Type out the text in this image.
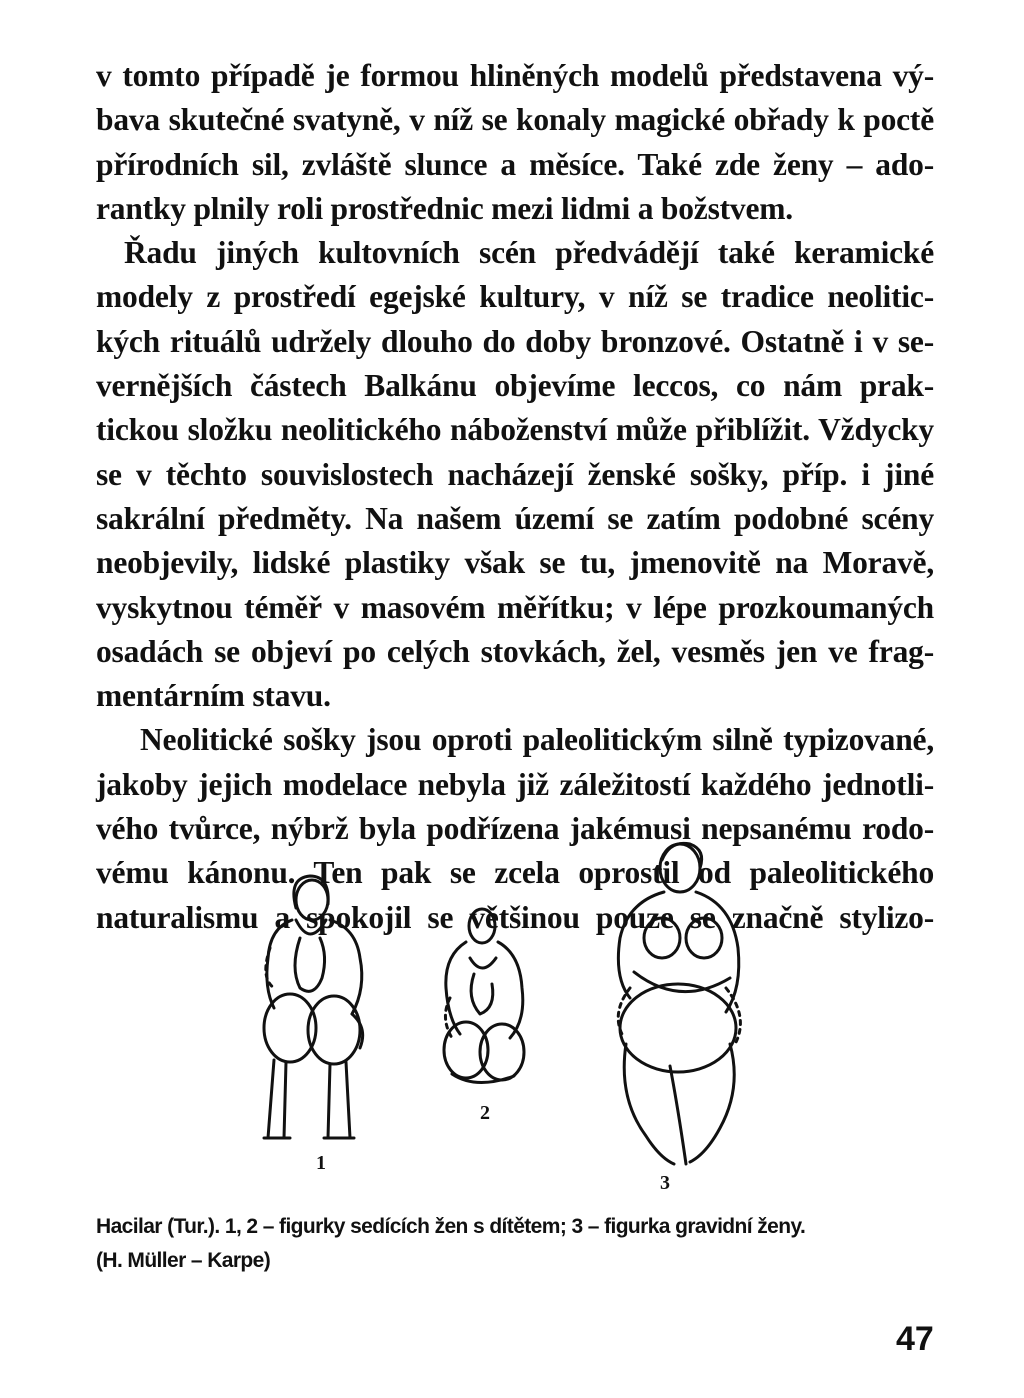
v tomto případě je formou hliněných modelů představena vý-
bava skutečné svatyně, v níž se konaly magické obřady k poctě
přírodních sil, zvláště slunce a měsíce. Také zde ženy – ado-
rantky plnily roli prostřednic mezi lidmi a božstvem.
Řadu jiných kultovních scén předvádějí také keramické
modely z prostředí egejské kultury, v níž se tradice neolitic-
kých rituálů udržely dlouho do doby bronzové. Ostatně i v se-
vernějších částech Balkánu objevíme leccos, co nám prak-
tickou složku neolitického náboženství může přiblížit. Vždycky
se v těchto souvislostech nacházejí ženské sošky, příp. i jiné
sakrální předměty. Na našem území se zatím podobné scény
neobjevily, lidské plastiky však se tu, jmenovitě na Moravě,
vyskytnou téměř v masovém měřítku; v lépe prozkoumaných
osadách se objeví po celých stovkách, žel, vesměs jen ve frag-
mentárním stavu.
Neolitické sošky jsou oproti paleolitickým silně typizované,
jakoby jejich modelace nebyla již záležitostí každého jednotli-
vého tvůrce, nýbrž byla podřízena jakémusi nepsanému rodo-
vému kánonu. Ten pak se zcela oprostil od paleolitického
naturalismu a spokojil se většinou pouze se značně stylizo-
1
2
3
Hacilar (Tur.). 1, 2 – figurky sedících žen s dítětem; 3 – figurka gravidní ženy.
(H. Müller – Karpe)
47
